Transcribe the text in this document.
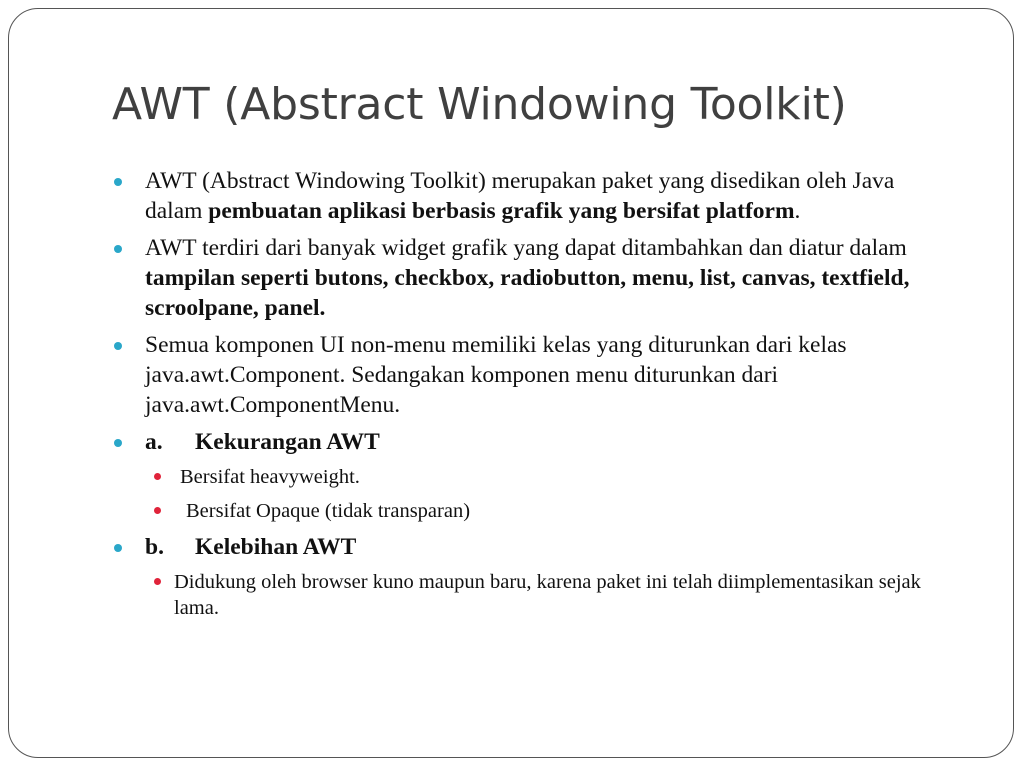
AWT (Abstract Windowing Toolkit)
AWT (Abstract Windowing Toolkit) merupakan paket yang disedikan oleh Java dalam pembuatan aplikasi berbasis grafik yang bersifat platform.
AWT terdiri dari banyak widget grafik yang dapat ditambahkan dan diatur dalam tampilan seperti butons, checkbox, radiobutton, menu, list, canvas, textfield, scroolpane, panel.
Semua komponen UI non-menu memiliki kelas yang diturunkan dari kelas java.awt.Component. Sedangakan komponen menu diturunkan dari java.awt.ComponentMenu.
a. Kekurangan AWT
Bersifat heavyweight.
Bersifat Opaque (tidak transparan)
b. Kelebihan AWT
Didukung oleh browser kuno maupun baru, karena paket ini telah diimplementasikan sejak lama.
